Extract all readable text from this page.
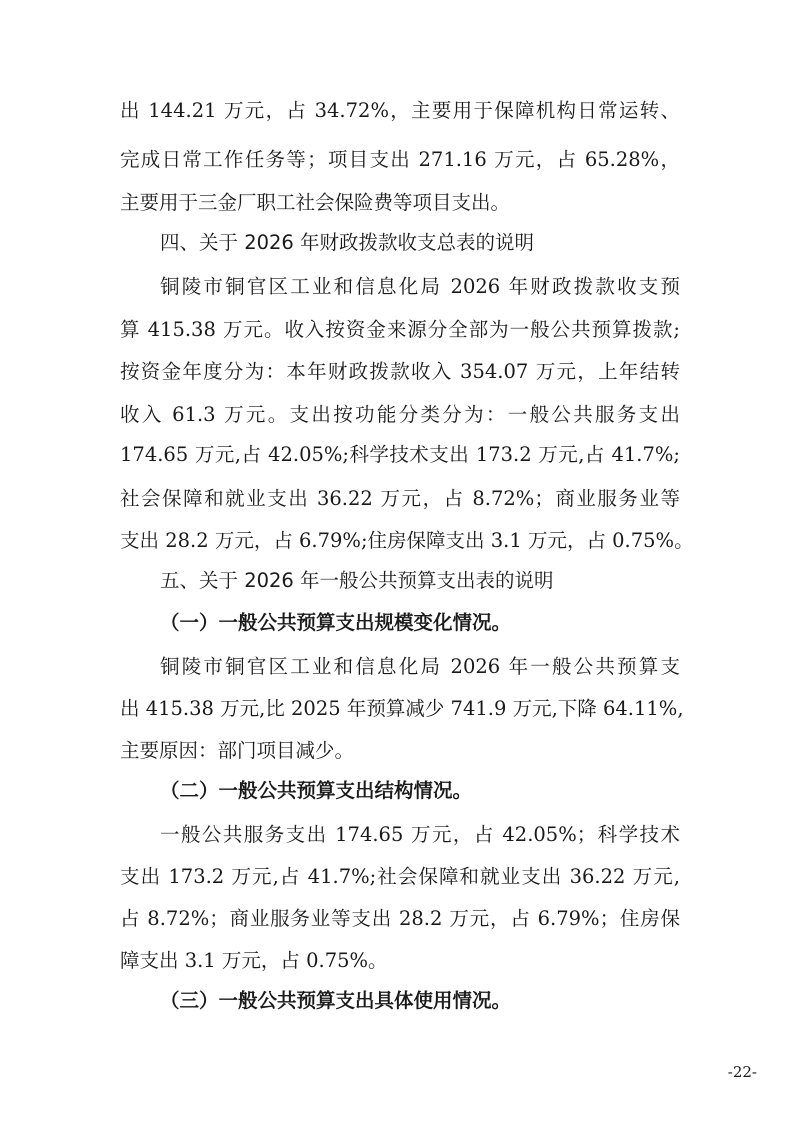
出 144.21 万元，占 34.72%，主要用于保障机构日常运转、
完成日常工作任务等；项目支出 271.16 万元，占 65.28%，
主要用于三金厂职工社会保险费等项目支出。
四、关于 2026 年财政拨款收支总表的说明
铜陵市铜官区工业和信息化局 2026 年财政拨款收支预
算 415.38 万元。收入按资金来源分全部为一般公共预算拨款;
按资金年度分为：本年财政拨款收入 354.07 万元，上年结转
收入 61.3 万元。支出按功能分类分为：一般公共服务支出
174.65 万元,占 42.05%;科学技术支出 173.2 万元,占 41.7%;
社会保障和就业支出 36.22 万元，占 8.72%；商业服务业等
支出 28.2 万元，占 6.79%;住房保障支出 3.1 万元，占 0.75%。
五、关于 2026 年一般公共预算支出表的说明
（一）一般公共预算支出规模变化情况。
铜陵市铜官区工业和信息化局 2026 年一般公共预算支
出 415.38 万元,比 2025 年预算减少 741.9 万元,下降 64.11%,
主要原因：部门项目减少。
（二）一般公共预算支出结构情况。
一般公共服务支出 174.65 万元，占 42.05%；科学技术
支出 173.2 万元,占 41.7%;社会保障和就业支出 36.22 万元,
占 8.72%；商业服务业等支出 28.2 万元，占 6.79%；住房保
障支出 3.1 万元，占 0.75%。
（三）一般公共预算支出具体使用情况。
-22-
